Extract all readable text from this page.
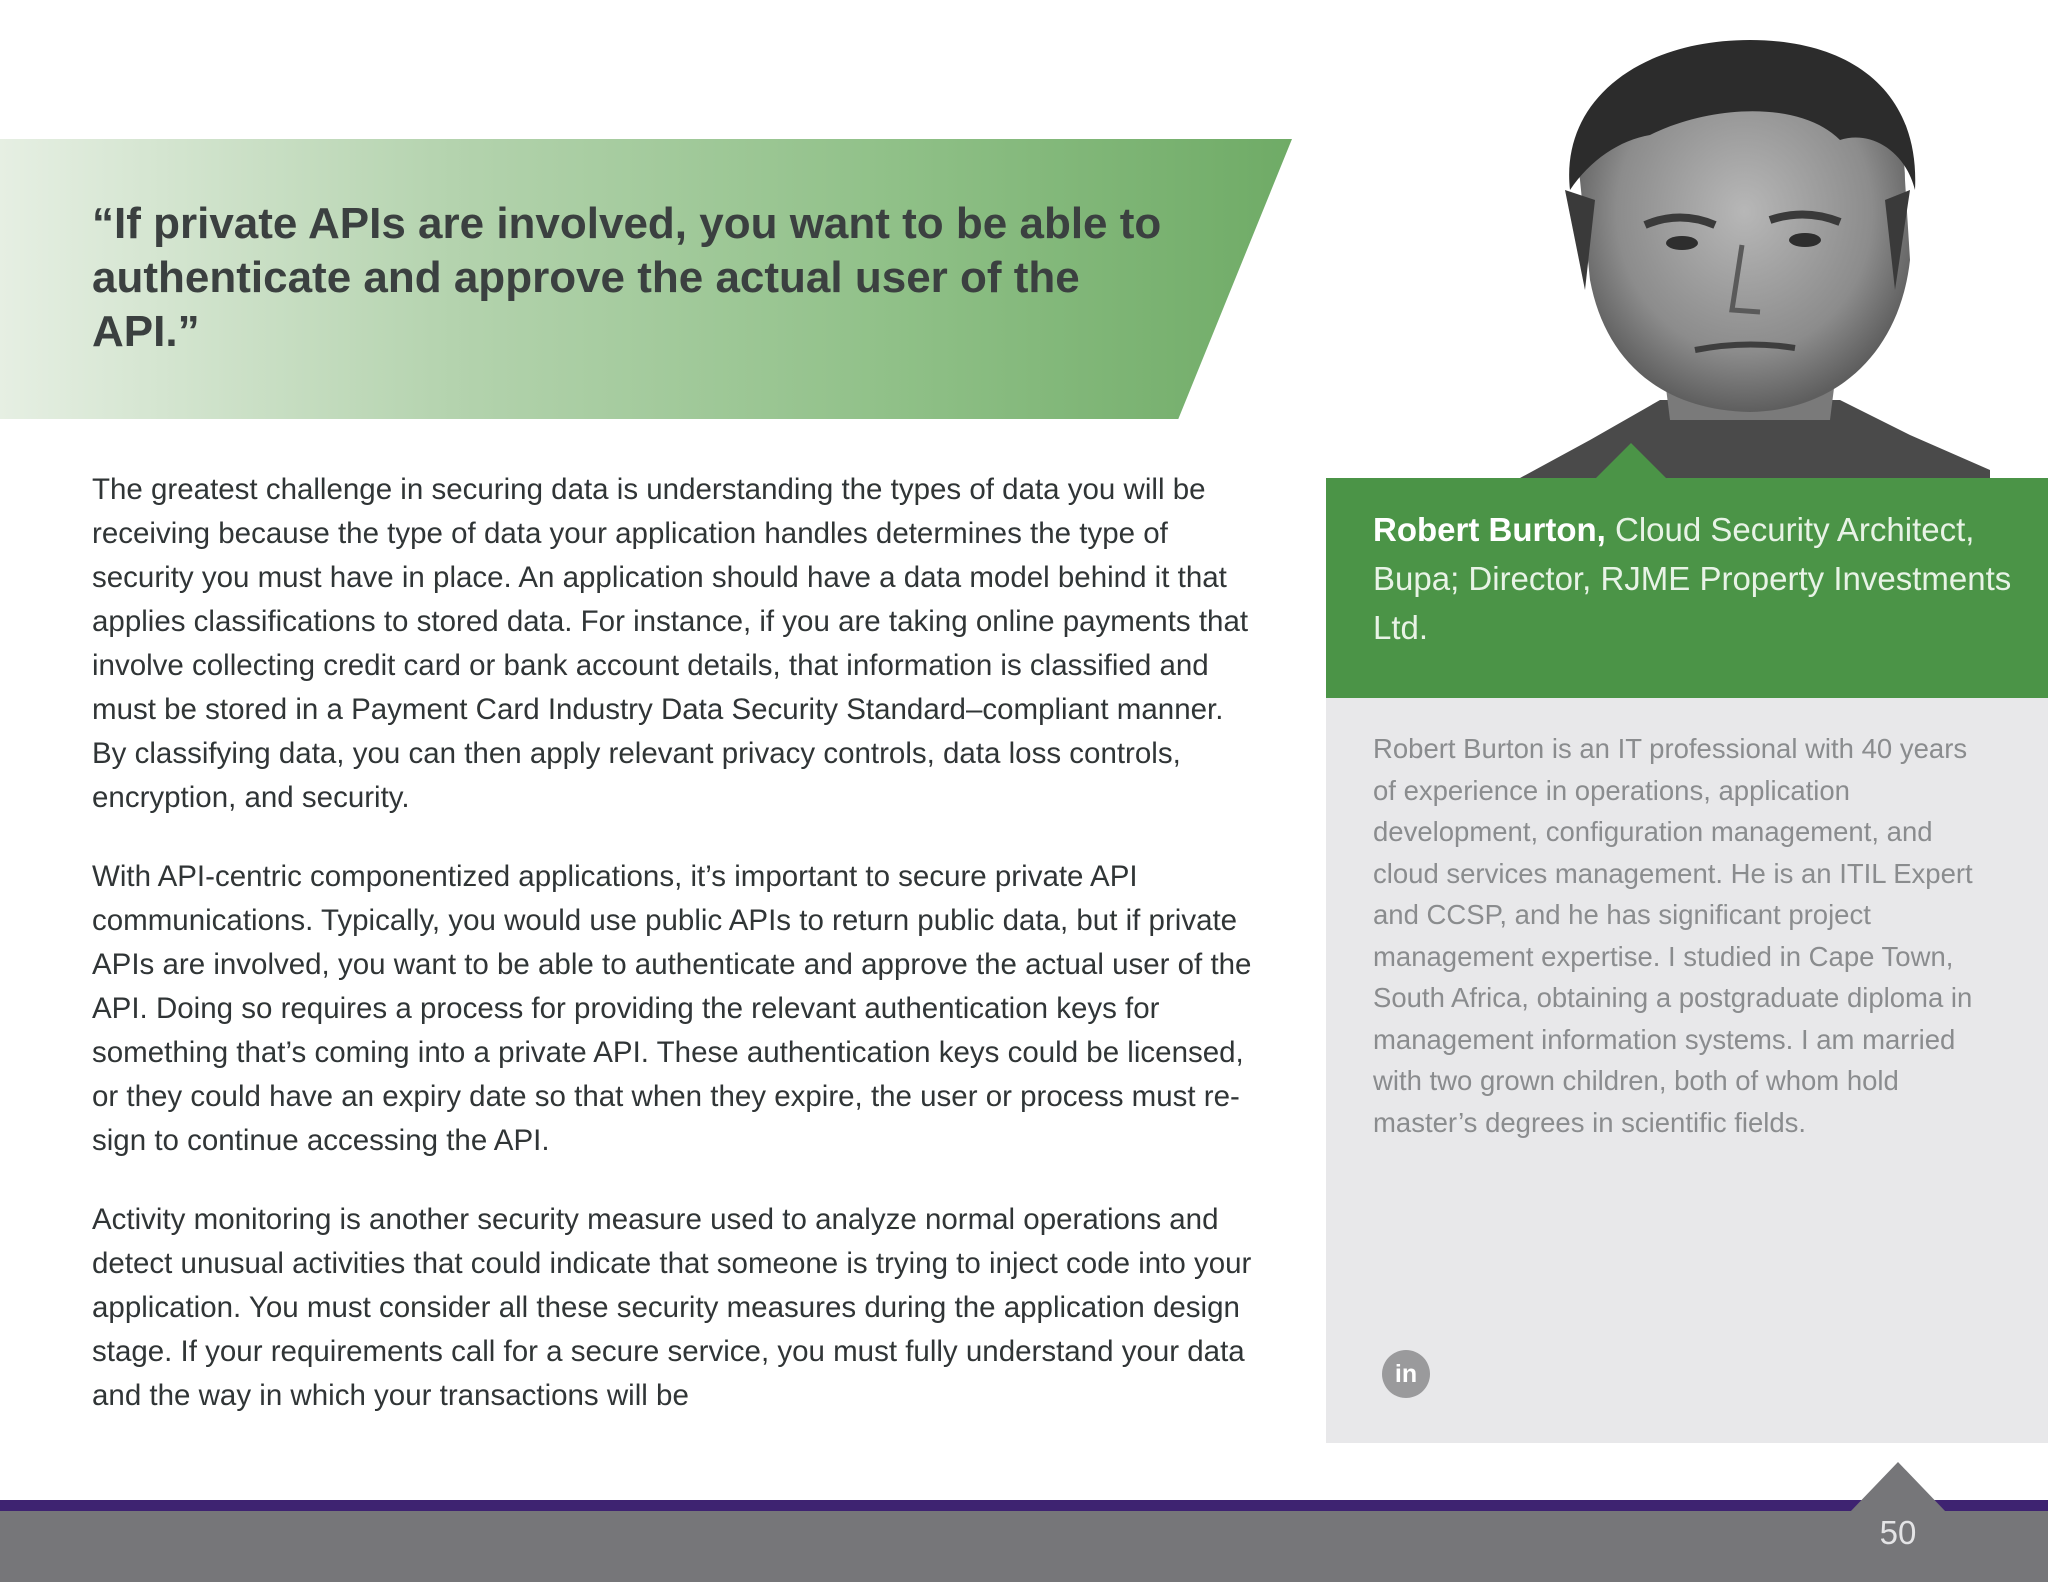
“If private APIs are involved, you want to be able to authenticate and approve the actual user of the API.”

The greatest challenge in securing data is understanding the types of data you will be receiving because the type of data your application handles determines the type of security you must have in place. An application should have a data model behind it that applies classifications to stored data. For instance, if you are taking online payments that involve collecting credit card or bank account details, that information is classified and must be stored in a Payment Card Industry Data Security Standard–compliant manner. By classifying data, you can then apply relevant privacy controls, data loss controls, encryption, and security.

With API-centric componentized applications, it’s important to secure private API communications. Typically, you would use public APIs to return public data, but if private APIs are involved, you want to be able to authenticate and approve the actual user of the API. Doing so requires a process for providing the relevant authentication keys for something that’s coming into a private API. These authentication keys could be licensed, or they could have an expiry date so that when they expire, the user or process must re-sign to continue accessing the API.

Activity monitoring is another security measure used to analyze normal operations and detect unusual activities that could indicate that someone is trying to inject code into your application. You must consider all these security measures during the application design stage. If your requirements call for a secure service, you must fully understand your data and the way in which your transactions will be

Robert Burton, Cloud Security Architect, Bupa; Director, RJME Property Investments Ltd.
Robert Burton is an IT professional with 40 years of experience in operations, application development, configuration management, and cloud services management. He is an ITIL Expert and CCSP, and he has significant project management expertise. I studied in Cape Town, South Africa, obtaining a postgraduate diploma in management information systems. I am married with two grown children, both of whom hold master’s degrees in scientific fields.
in
50
